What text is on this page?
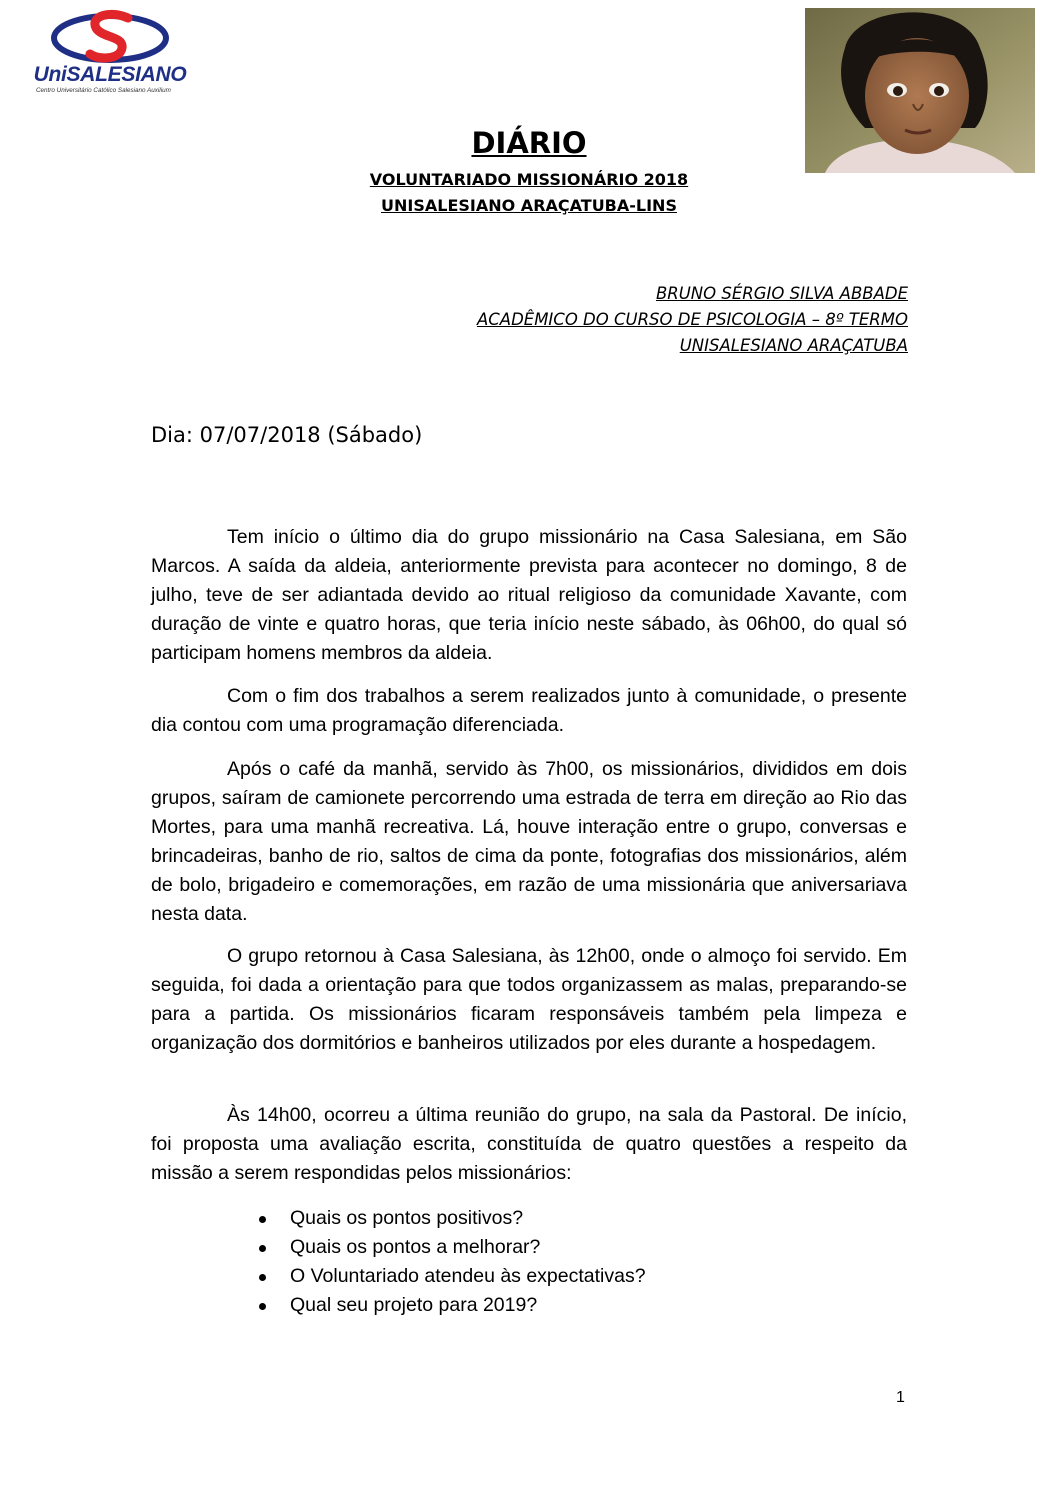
UniSALESIANO
Centro Universitário Católico Salesiano Auxilium
DIÁRIO
VOLUNTARIADO MISSIONÁRIO 2018
UNISALESIANO ARAÇATUBA-LINS
BRUNO SÉRGIO SILVA ABBADE
ACADÊMICO DO CURSO DE PSICOLOGIA – 8º TERMO
UNISALESIANO ARAÇATUBA
Dia: 07/07/2018 (Sábado)

Tem início o último dia do grupo missionário na Casa Salesiana, em São Marcos. A saída da aldeia, anteriormente prevista para acontecer no domingo, 8 de julho, teve de ser adiantada devido ao ritual religioso da comunidade Xavante, com duração de vinte e quatro horas, que teria início neste sábado, às 06h00, do qual só participam homens membros da aldeia.

Com o fim dos trabalhos a serem realizados junto à comunidade, o presente dia contou com uma programação diferenciada.

Após o café da manhã, servido às 7h00, os missionários, divididos em dois grupos, saíram de camionete percorrendo uma estrada de terra em direção ao Rio das Mortes, para uma manhã recreativa. Lá, houve interação entre o grupo, conversas e brincadeiras, banho de rio, saltos de cima da ponte, fotografias dos missionários, além de bolo, brigadeiro e comemorações, em razão de uma missionária que aniversariava nesta data.

O grupo retornou à Casa Salesiana, às 12h00, onde o almoço foi servido. Em seguida, foi dada a orientação para que todos organizassem as malas, preparando-se para a partida. Os missionários ficaram responsáveis também pela limpeza e organização dos dormitórios e banheiros utilizados por eles durante a hospedagem.

Às 14h00, ocorreu a última reunião do grupo, na sala da Pastoral. De início, foi proposta uma avaliação escrita, constituída de quatro questões a respeito da missão a serem respondidas pelos missionários:

Quais os pontos positivos?
Quais os pontos a melhorar?
O Voluntariado atendeu às expectativas?
Qual seu projeto para 2019?
1
